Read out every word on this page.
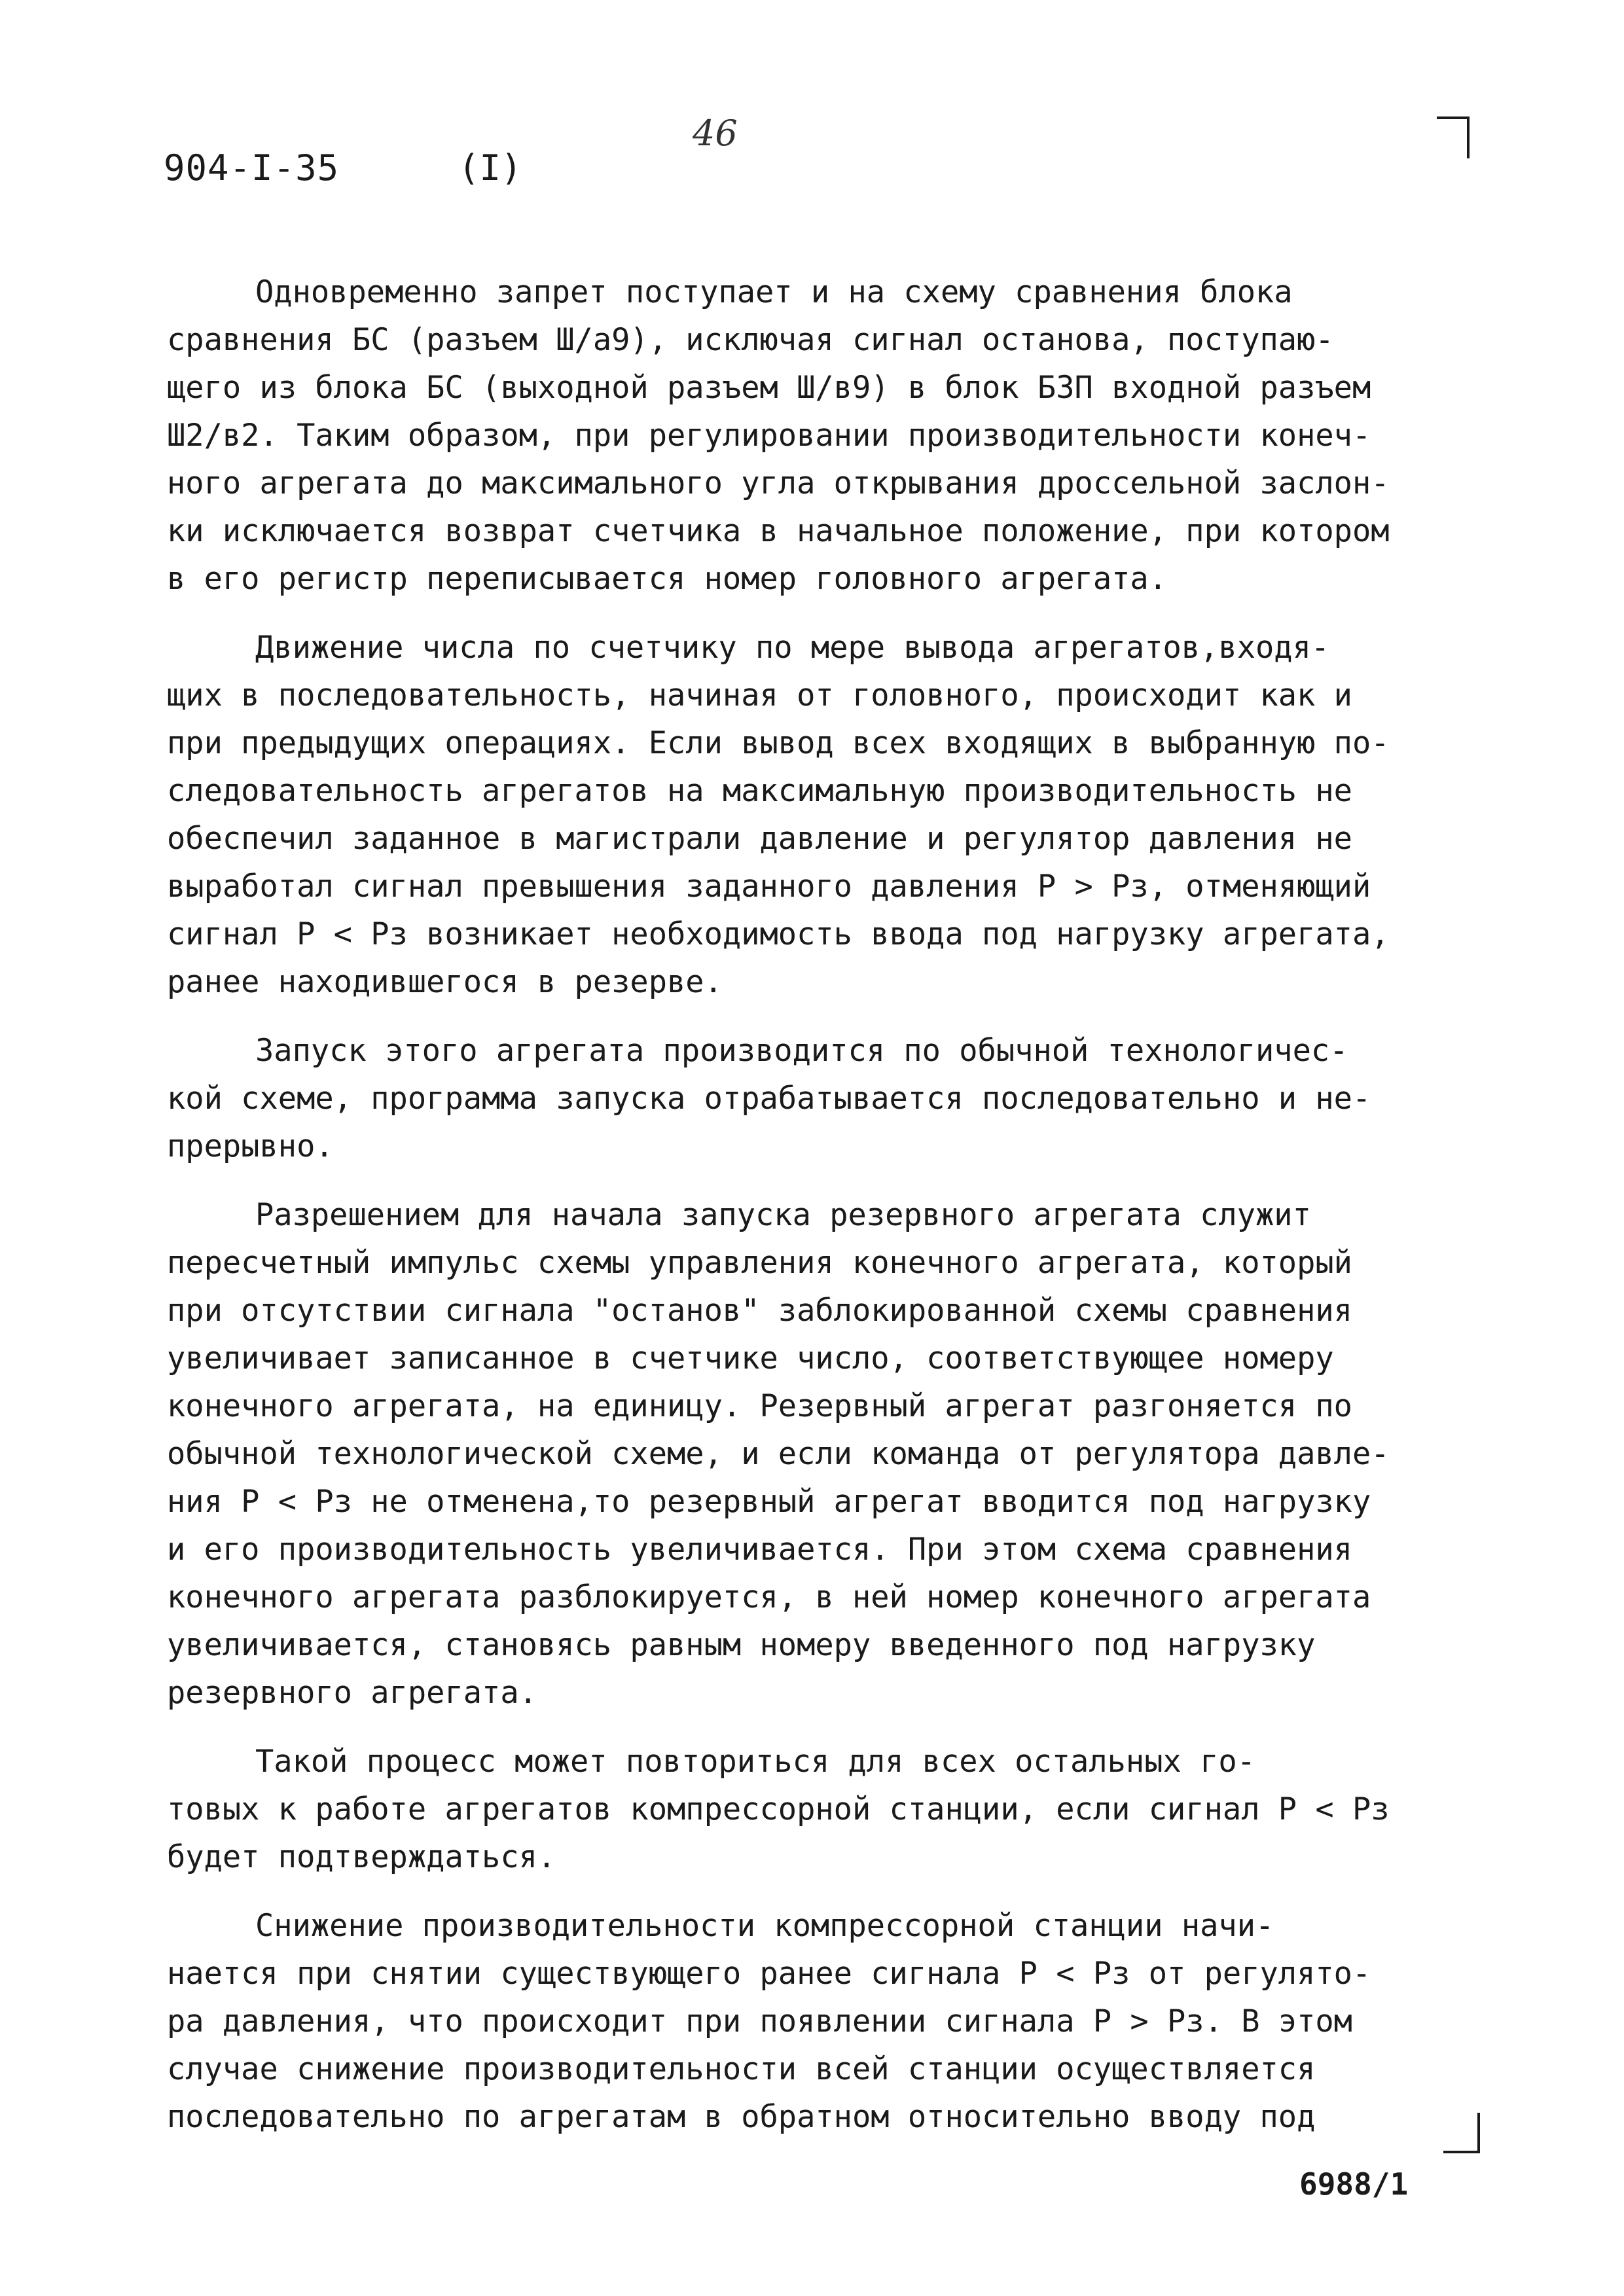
904-I-35	(I)
46
Одновременно запрет поступает и на схему сравнения блока
сравнения БС (разъем Ш/а9), исключая сигнал останова, поступаю-
щего из блока БС (выходной разъем Ш/в9) в блок БЗП входной разъем
Ш2/в2. Таким образом, при регулировании производительности конеч-
ного агрегата до максимального угла открывания дроссельной заслон-
ки исключается возврат счетчика в начальное положение, при котором
в его регистр переписывается номер головного агрегата.
Движение числа по счетчику по мере вывода агрегатов,входя-
щих в последовательность, начиная от головного, происходит как и
при предыдущих операциях. Если вывод всех входящих в выбранную по-
следовательность агрегатов на максимальную производительность не
обеспечил заданное в магистрали давление и регулятор давления не
выработал сигнал превышения заданного давления P > Pз, отменяющий
сигнал P < Pз возникает необходимость ввода под нагрузку агрегата,
ранее находившегося в резерве.
Запуск этого агрегата производится по обычной технологичес-
кой схеме, программа запуска отрабатывается последовательно и не-
прерывно.
Разрешением для начала запуска резервного агрегата служит
пересчетный импульс схемы управления конечного агрегата, который
при отсутствии сигнала "останов" заблокированной схемы сравнения
увеличивает записанное в счетчике число, соответствующее номеру
конечного агрегата, на единицу. Резервный агрегат разгоняется по
обычной технологической схеме, и если команда от регулятора давле-
ния P < Pз не отменена,то резервный агрегат вводится под нагрузку
и его производительность увеличивается. При этом схема сравнения
конечного агрегата разблокируется, в ней номер конечного агрегата
увеличивается, становясь равным номеру введенного под нагрузку
резервного агрегата.
Такой процесс может повториться для всех остальных го-
товых к работе агрегатов компрессорной станции, если сигнал P < Pз
будет подтверждаться.
Снижение производительности компрессорной станции начи-
нается при снятии существующего ранее сигнала P < Pз от регулято-
ра давления, что происходит при появлении сигнала P > Pз. В этом
случае снижение производительности всей станции осуществляется
последовательно по агрегатам в обратном относительно вводу под
6988/1
